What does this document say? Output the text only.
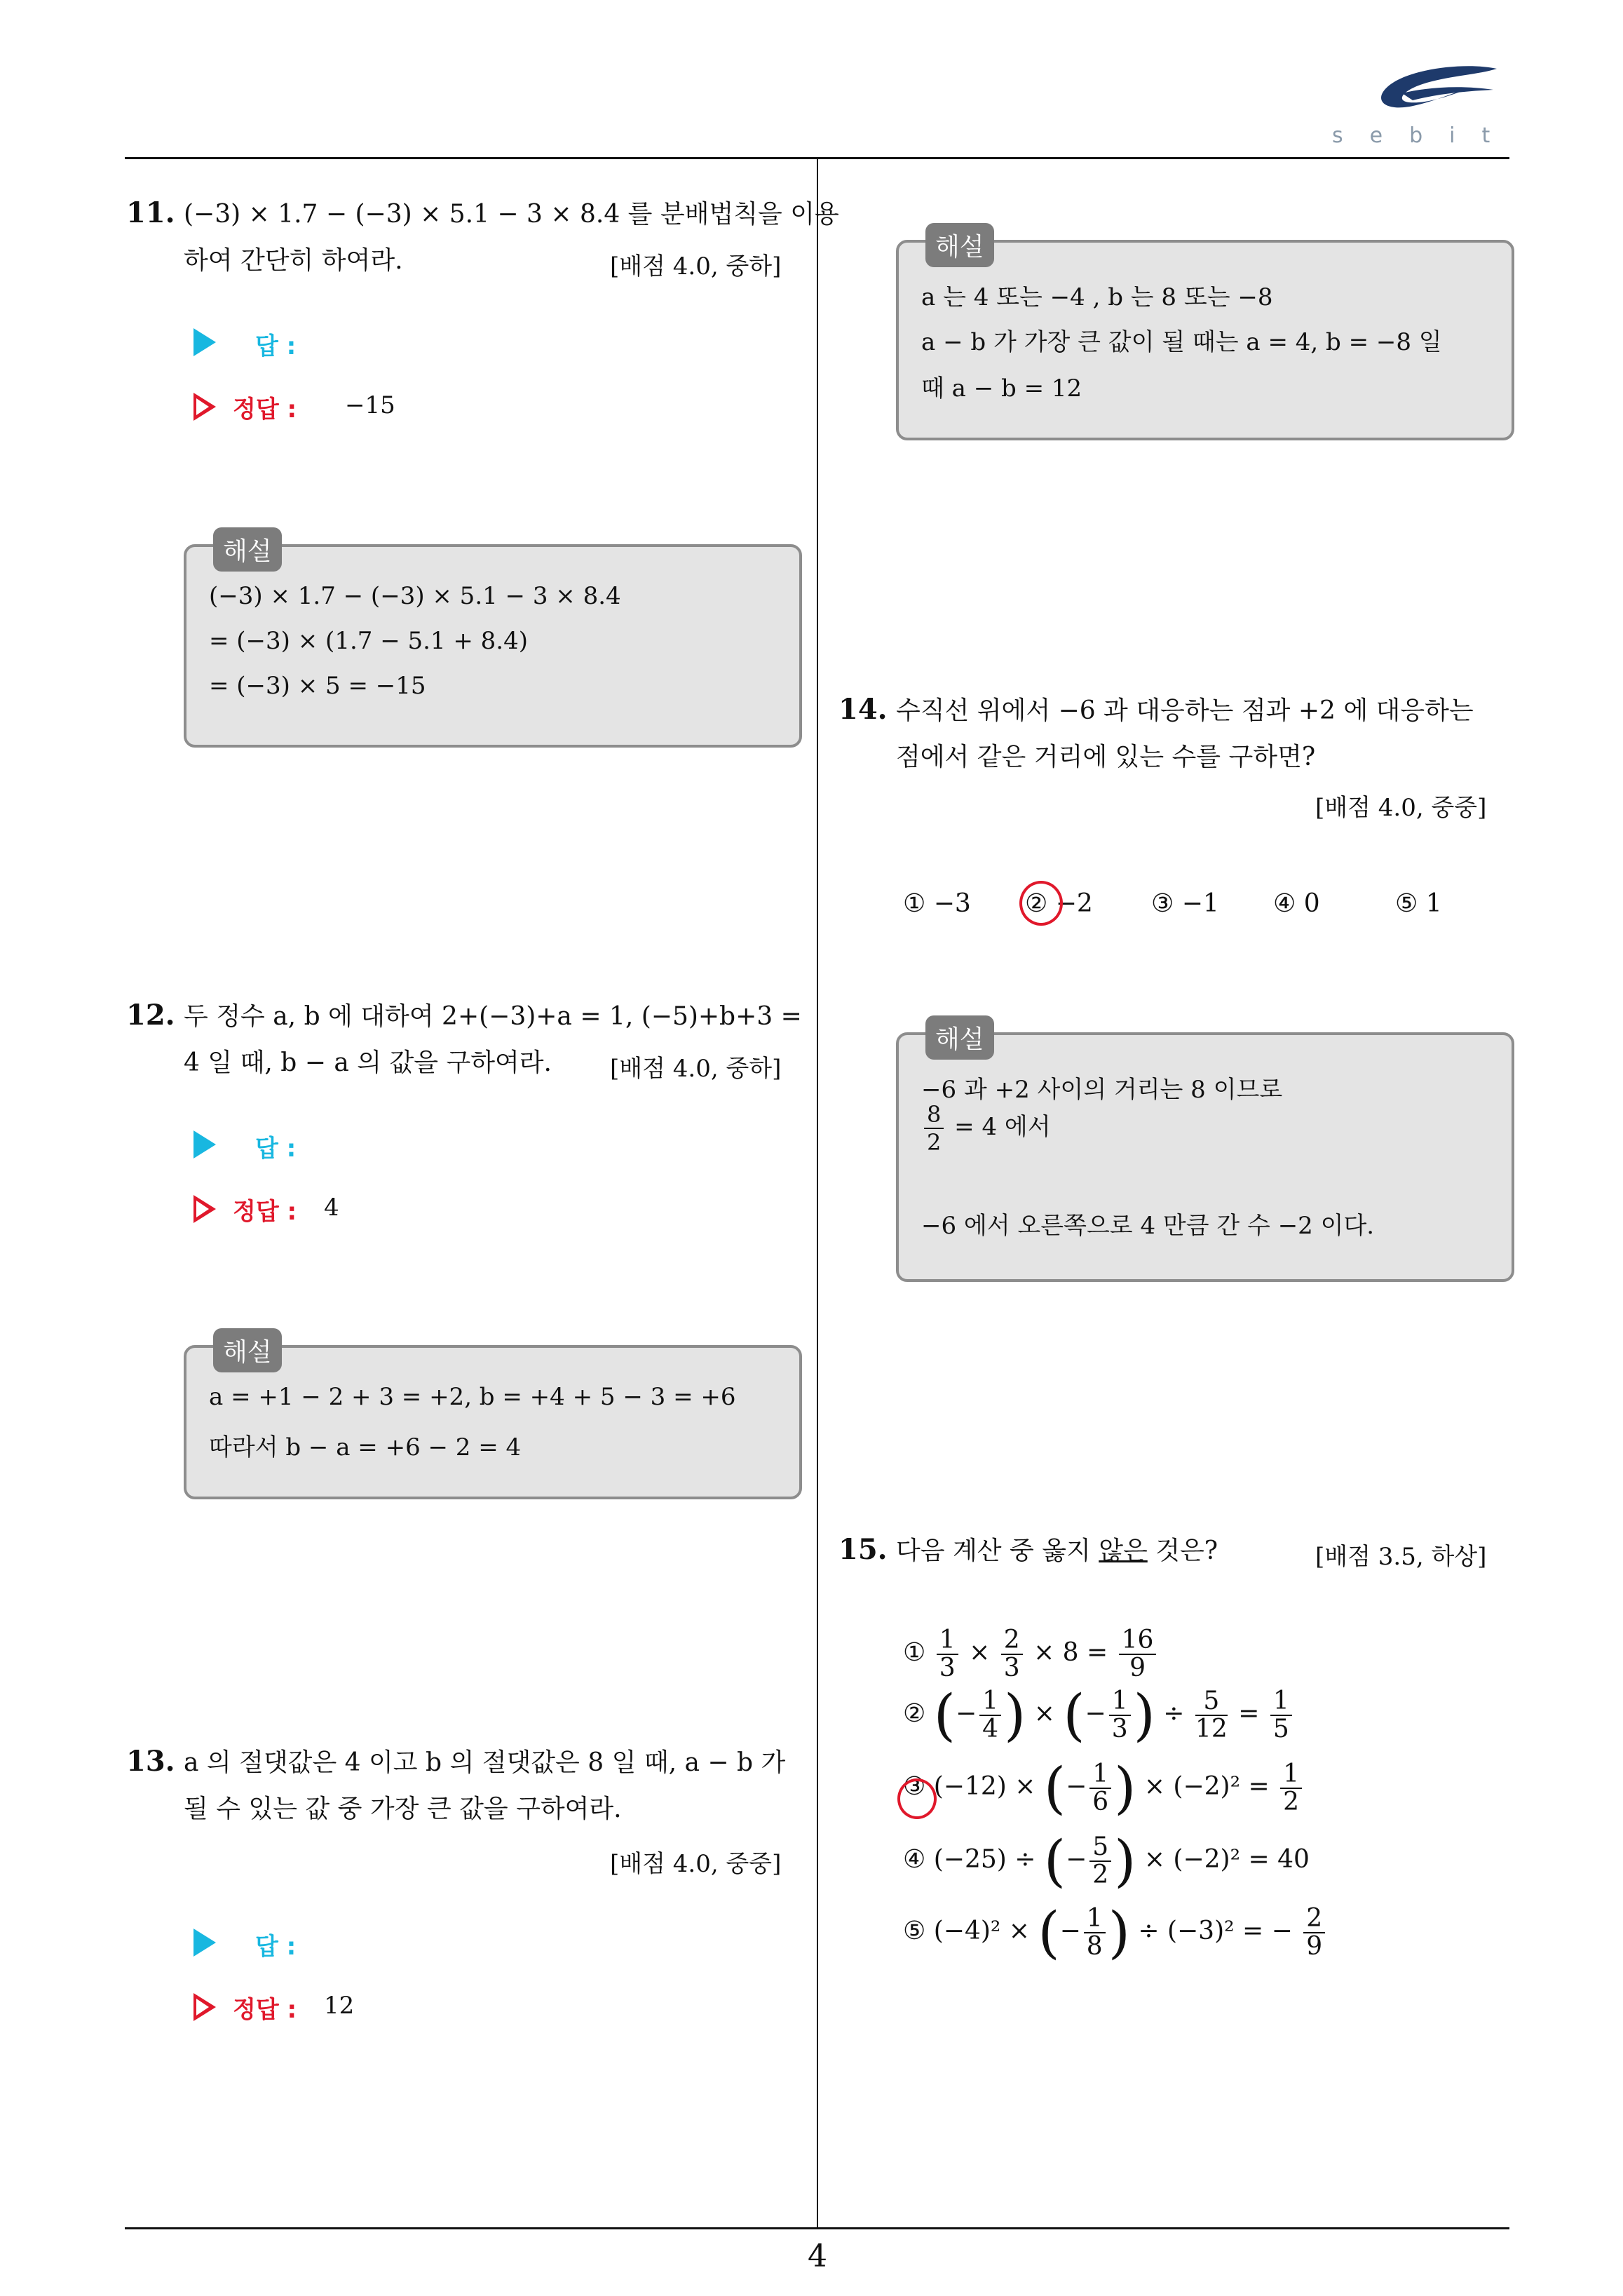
sebit
4
11. (−3) × 1.7 − (−3) × 5.1 − 3 × 8.4 를 분배법칙을 이용
하여 간단히 하여라.	[배점 4.0, 중하]
답 :
정답 : −15
해설
(−3) × 1.7 − (−3) × 5.1 − 3 × 8.4
= (−3) × (1.7 − 5.1 + 8.4)
= (−3) × 5 = −15
12. 두 정수 a, b 에 대하여 2+(−3)+a = 1, (−5)+b+3 =
4 일 때, b − a 의 값을 구하여라. [배점 4.0, 중하]
답 :
정답 : 4
해설
a = +1 − 2 + 3 = +2, b = +4 + 5 − 3 = +6
따라서 b − a = +6 − 2 = 4
13. a 의 절댓값은 4 이고 b 의 절댓값은 8 일 때, a − b 가
될 수 있는 값 중 가장 큰 값을 구하여라.
[배점 4.0, 중중]
답 :
정답 : 12
해설
a 는 4 또는 −4 , b 는 8 또는 −8
a − b 가 가장 큰 값이 될 때는 a = 4, b = −8 일
때 a − b = 12
14. 수직선 위에서 −6 과 대응하는 점과 +2 에 대응하는
점에서 같은 거리에 있는 수를 구하면?
[배점 4.0, 중중]
① −3 ② −2 ③ −1 ④ 0	⑤ 1
해설
−6 과 +2 사이의 거리는 8 이므로
$\frac{8}{2} = 4$ 에서
−6 에서 오른쪽으로 4 만큼 간 수 −2 이다.
15. 다음 계산 중 옳지 않은 것은?	[배점 3.5, 하상]
① $\frac{1}{3} \times \frac{2}{3} \times 8 = \frac{16}{9}$
② (− $\frac{1}{4}$ ) × (− $\frac{1}{3}$ ) ÷ $\frac{5}{12} = \frac{1}{5}$
③ (−12) × (− $\frac{1}{6}$ ) × $(-2)^2 = \frac{1}{2}$
④ (−25) ÷ (− $\frac{5}{2}$ ) × (−2)² = 40
⑤ (−4)² × (− $\frac{1}{8}$ ) ÷ (−3)² = − $\frac{2}{9}$
